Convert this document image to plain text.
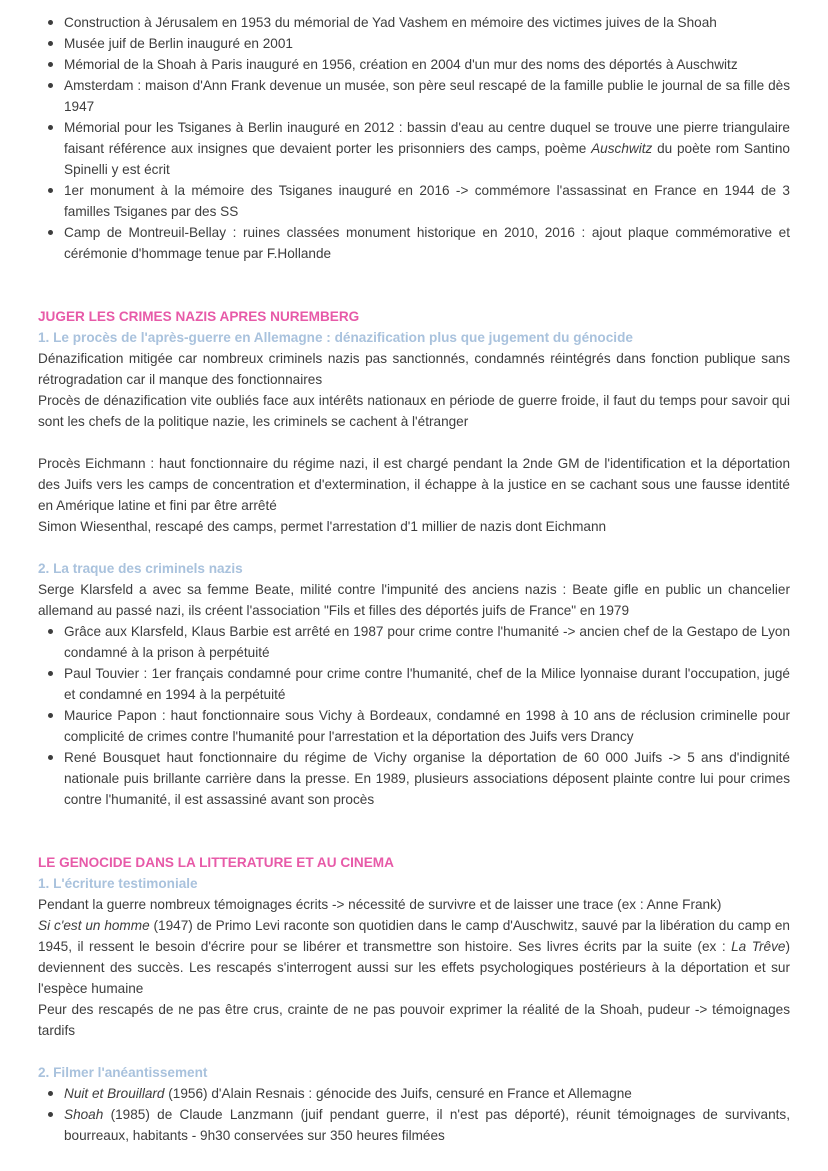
Construction à Jérusalem en 1953 du mémorial de Yad Vashem en mémoire des victimes juives de la Shoah
Musée juif de Berlin inauguré en 2001
Mémorial de la Shoah à Paris inauguré en 1956, création en 2004 d'un mur des noms des déportés à Auschwitz
Amsterdam : maison d'Ann Frank devenue un musée, son père seul rescapé de la famille publie le journal de sa fille dès 1947
Mémorial pour les Tsiganes à Berlin inauguré en 2012 : bassin d'eau au centre duquel se trouve une pierre triangulaire faisant référence aux insignes que devaient porter les prisonniers des camps, poème Auschwitz du poète rom Santino Spinelli y est écrit
1er monument à la mémoire des Tsiganes inauguré en 2016 -> commémore l'assassinat en France en 1944 de 3 familles Tsiganes par des SS
Camp de Montreuil-Bellay : ruines classées monument historique en 2010, 2016 : ajout plaque commémorative et cérémonie d'hommage tenue par F.Hollande
JUGER LES CRIMES NAZIS APRES NUREMBERG
1. Le procès de l'après-guerre en Allemagne : dénazification plus que jugement du génocide

Dénazification mitigée car nombreux criminels nazis pas sanctionnés, condamnés réintégrés dans fonction publique sans rétrogradation car il manque des fonctionnaires

Procès de dénazification vite oubliés face aux intérêts nationaux en période de guerre froide, il faut du temps pour savoir qui sont les chefs de la politique nazie, les criminels se cachent à l'étranger

Procès Eichmann : haut fonctionnaire du régime nazi, il est chargé pendant la 2nde GM de l'identification et la déportation des Juifs vers les camps de concentration et d'extermination, il échappe à la justice en se cachant sous une fausse identité en Amérique latine et fini par être arrêté

Simon Wiesenthal, rescapé des camps, permet l'arrestation d'1 millier de nazis dont Eichmann

2. La traque des criminels nazis

Serge Klarsfeld a avec sa femme Beate, milité contre l'impunité des anciens nazis : Beate gifle en public un chancelier allemand au passé nazi, ils créent l'association "Fils et filles des déportés juifs de France" en 1979

Grâce aux Klarsfeld, Klaus Barbie est arrêté en 1987 pour crime contre l'humanité -> ancien chef de la Gestapo de Lyon condamné à la prison à perpétuité
Paul Touvier : 1er français condamné pour crime contre l'humanité, chef de la Milice lyonnaise durant l'occupation, jugé et condamné en 1994 à la perpétuité
Maurice Papon : haut fonctionnaire sous Vichy à Bordeaux, condamné en 1998 à 10 ans de réclusion criminelle pour complicité de crimes contre l'humanité pour l'arrestation et la déportation des Juifs vers Drancy
René Bousquet haut fonctionnaire du régime de Vichy organise la déportation de 60 000 Juifs -> 5 ans d'indignité nationale puis brillante carrière dans la presse. En 1989, plusieurs associations déposent plainte contre lui pour crimes contre l'humanité, il est assassiné avant son procès
LE GENOCIDE DANS LA LITTERATURE ET AU CINEMA
1. L'écriture testimoniale

Pendant la guerre nombreux témoignages écrits -> nécessité de survivre et de laisser une trace (ex : Anne Frank)

Si c'est un homme (1947) de Primo Levi raconte son quotidien dans le camp d'Auschwitz, sauvé par la libération du camp en 1945, il ressent le besoin d'écrire pour se libérer et transmettre son histoire. Ses livres écrits par la suite (ex : La Trêve) deviennent des succès. Les rescapés s'interrogent aussi sur les effets psychologiques postérieurs à la déportation et sur l'espèce humaine

Peur des rescapés de ne pas être crus, crainte de ne pas pouvoir exprimer la réalité de la Shoah, pudeur -> témoignages tardifs

2. Filmer l'anéantissement
Nuit et Brouillard (1956) d'Alain Resnais : génocide des Juifs, censuré en France et Allemagne
Shoah (1985) de Claude Lanzmann (juif pendant guerre, il n'est pas déporté), réunit témoignages de survivants, bourreaux, habitants - 9h30 conservées sur 350 heures filmées
